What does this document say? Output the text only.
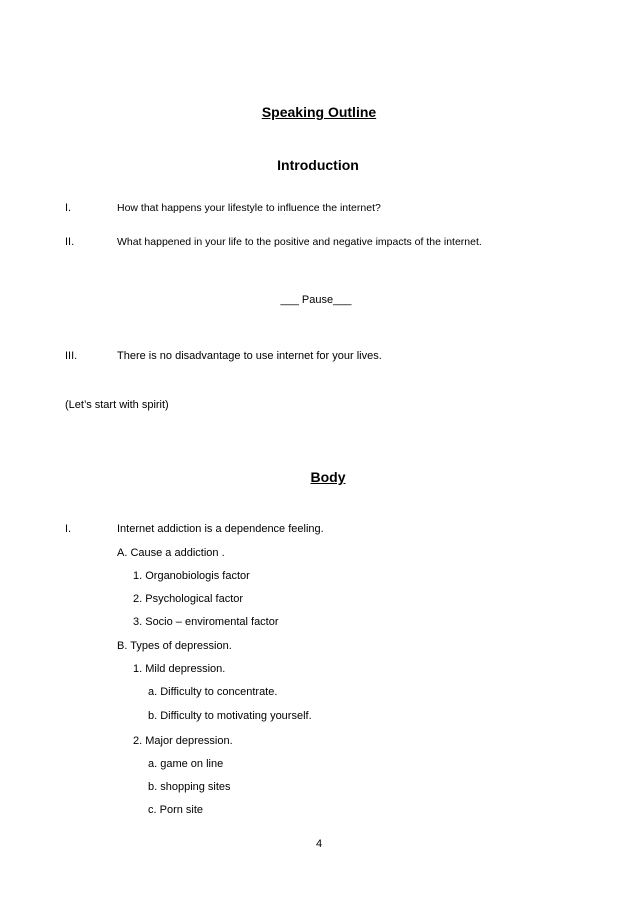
Speaking Outline
Introduction
I.	How that happens your lifestyle to influence the internet?
II.	What happened in your life to the positive and negative impacts of the internet.
___ Pause___
III.	There is no disadvantage to use internet for your lives.
(Let’s start with spirit)
Body
I.	Internet addiction is a dependence feeling.
A. Cause a addiction .
1. Organobiologis factor
2. Psychological factor
3. Socio – enviromental factor
B. Types of depression.
1. Mild depression.
a. Difficulty to concentrate.
b. Difficulty to motivating yourself.
2. Major depression.
a. game on line
b. shopping sites
c. Porn site
4
